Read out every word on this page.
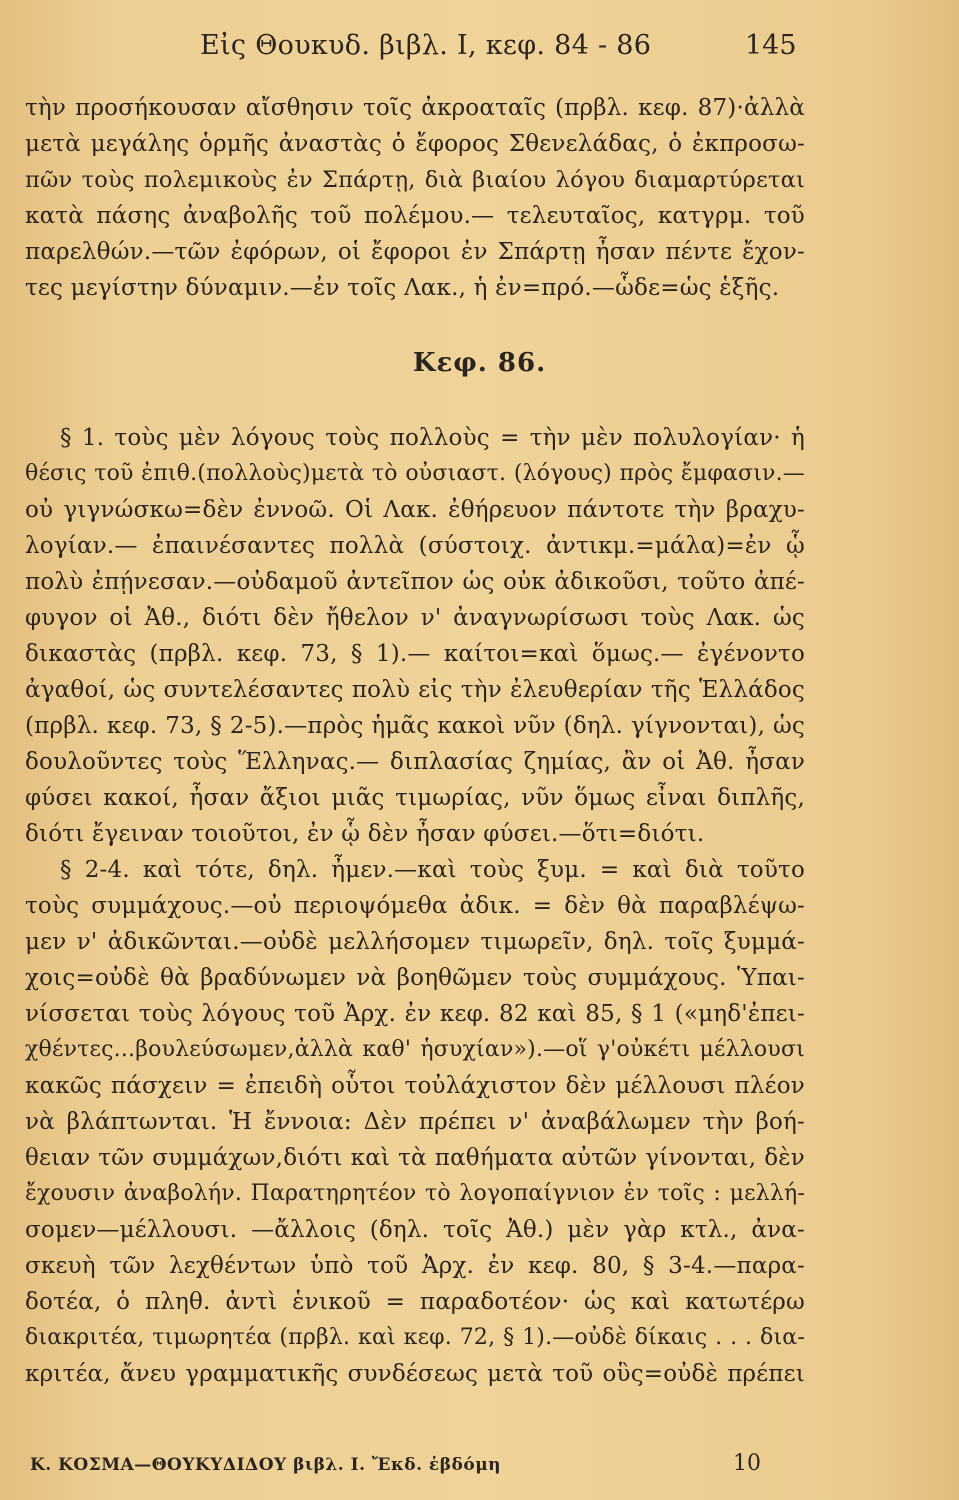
Εἰς Θουκυδ. βιβλ. Ι, κεφ. 84 - 86	145
τὴν προσήκουσαν αἴσθησιν τοῖς ἀκροαταῖς (πρβλ. κεφ. 87)·ἀλλὰ
μετὰ μεγάλης ὁρμῆς ἀναστὰς ὁ ἔφορος Σθενελάδας, ὁ ἐκπροσω-
πῶν τοὺς πολεμικοὺς ἐν Σπάρτῃ, διὰ βιαίου λόγου διαμαρτύρεται
κατὰ πάσης ἀναβολῆς τοῦ πολέμου.— τελευταῖος, κατγρμ. τοῦ
παρελθών.—τῶν ἐφόρων, οἱ ἔφοροι ἐν Σπάρτῃ ἦσαν πέντε ἔχον-
τες μεγίστην δύναμιν.—ἐν τοῖς Λακ., ἡ ἐν=πρό.—ὧδε=ὡς ἑξῆς.
Κεφ. 86.
§ 1. τοὺς μὲν λόγους τοὺς πολλοὺς = τὴν μὲν πολυλογίαν· ἡ
θέσις τοῦ ἐπιθ.(πολλοὺς)μετὰ τὸ οὐσιαστ. (λόγους) πρὸς ἔμφασιν.—
οὐ γιγνώσκω=δὲν ἐννοῶ. Οἱ Λακ. ἐθήρευον πάντοτε τὴν βραχυ-
λογίαν.— ἐπαινέσαντες πολλὰ (σύστοιχ. ἀντικμ.=μάλα)=ἐν ᾧ
πολὺ ἐπῄνεσαν.—οὐδαμοῦ ἀντεῖπον ὡς οὐκ ἀδικοῦσι, τοῦτο ἀπέ-
φυγον οἱ Ἀθ., διότι δὲν ἤθελον ν' ἀναγνωρίσωσι τοὺς Λακ. ὡς
δικαστὰς (πρβλ. κεφ. 73, § 1).— καίτοι=καὶ ὅμως.— ἐγένοντο
ἀγαθοί, ὡς συντελέσαντες πολὺ εἰς τὴν ἐλευθερίαν τῆς Ἑλλάδος
(πρβλ. κεφ. 73, § 2-5).—πρὸς ἡμᾶς κακοὶ νῦν (δηλ. γίγνονται), ὡς
δουλοῦντες τοὺς Ἕλληνας.— διπλασίας ζημίας, ἂν οἱ Ἀθ. ἦσαν
φύσει κακοί, ἦσαν ἄξιοι μιᾶς τιμωρίας, νῦν ὅμως εἶναι διπλῆς,
διότι ἔγειναν τοιοῦτοι, ἐν ᾧ δὲν ἦσαν φύσει.—ὅτι=διότι.
§ 2-4. καὶ τότε, δηλ. ἦμεν.—καὶ τοὺς ξυμ. = καὶ διὰ τοῦτο
τοὺς συμμάχους.—οὐ περιοψόμεθα ἀδικ. = δὲν θὰ παραβλέψω-
μεν ν' ἀδικῶνται.—οὐδὲ μελλήσομεν τιμωρεῖν, δηλ. τοῖς ξυμμά-
χοις=οὐδὲ θὰ βραδύνωμεν νὰ βοηθῶμεν τοὺς συμμάχους. Ὑπαι-
νίσσεται τοὺς λόγους τοῦ Ἀρχ. ἐν κεφ. 82 καὶ 85, § 1 («μηδ'ἐπει-
χθέντες...βουλεύσωμεν,ἀλλὰ καθ' ἡσυχίαν»).—οἵ γ'οὐκέτι μέλλουσι
κακῶς πάσχειν = ἐπειδὴ οὗτοι τοὐλάχιστον δὲν μέλλουσι πλέον
νὰ βλάπτωνται. Ἡ ἔννοια: Δὲν πρέπει ν' ἀναβάλωμεν τὴν βοή-
θειαν τῶν συμμάχων,διότι καὶ τὰ παθήματα αὐτῶν γίνονται, δὲν
ἔχουσιν ἀναβολήν. Παρατηρητέον τὸ λογοπαίγνιον ἐν τοῖς : μελλή-
σομεν—μέλλουσι. —ἄλλοις (δηλ. τοῖς Ἀθ.) μὲν γὰρ κτλ., ἀνα-
σκευὴ τῶν λεχθέντων ὑπὸ τοῦ Ἀρχ. ἐν κεφ. 80, § 3-4.—παρα-
δοτέα, ὁ πληθ. ἀντὶ ἑνικοῦ = παραδοτέον· ὡς καὶ κατωτέρω
διακριτέα, τιμωρητέα (πρβλ. καὶ κεφ. 72, § 1).—οὐδὲ δίκαις . . . δια-
κριτέα, ἄνευ γραμματικῆς συνδέσεως μετὰ τοῦ οὓς=οὐδὲ πρέπει
Κ. ΚΟΣΜΑ—ΘΟΥΚΥΔΙΔΟΥ βιβλ. Ι. Ἔκδ. ἑβδόμη	10
